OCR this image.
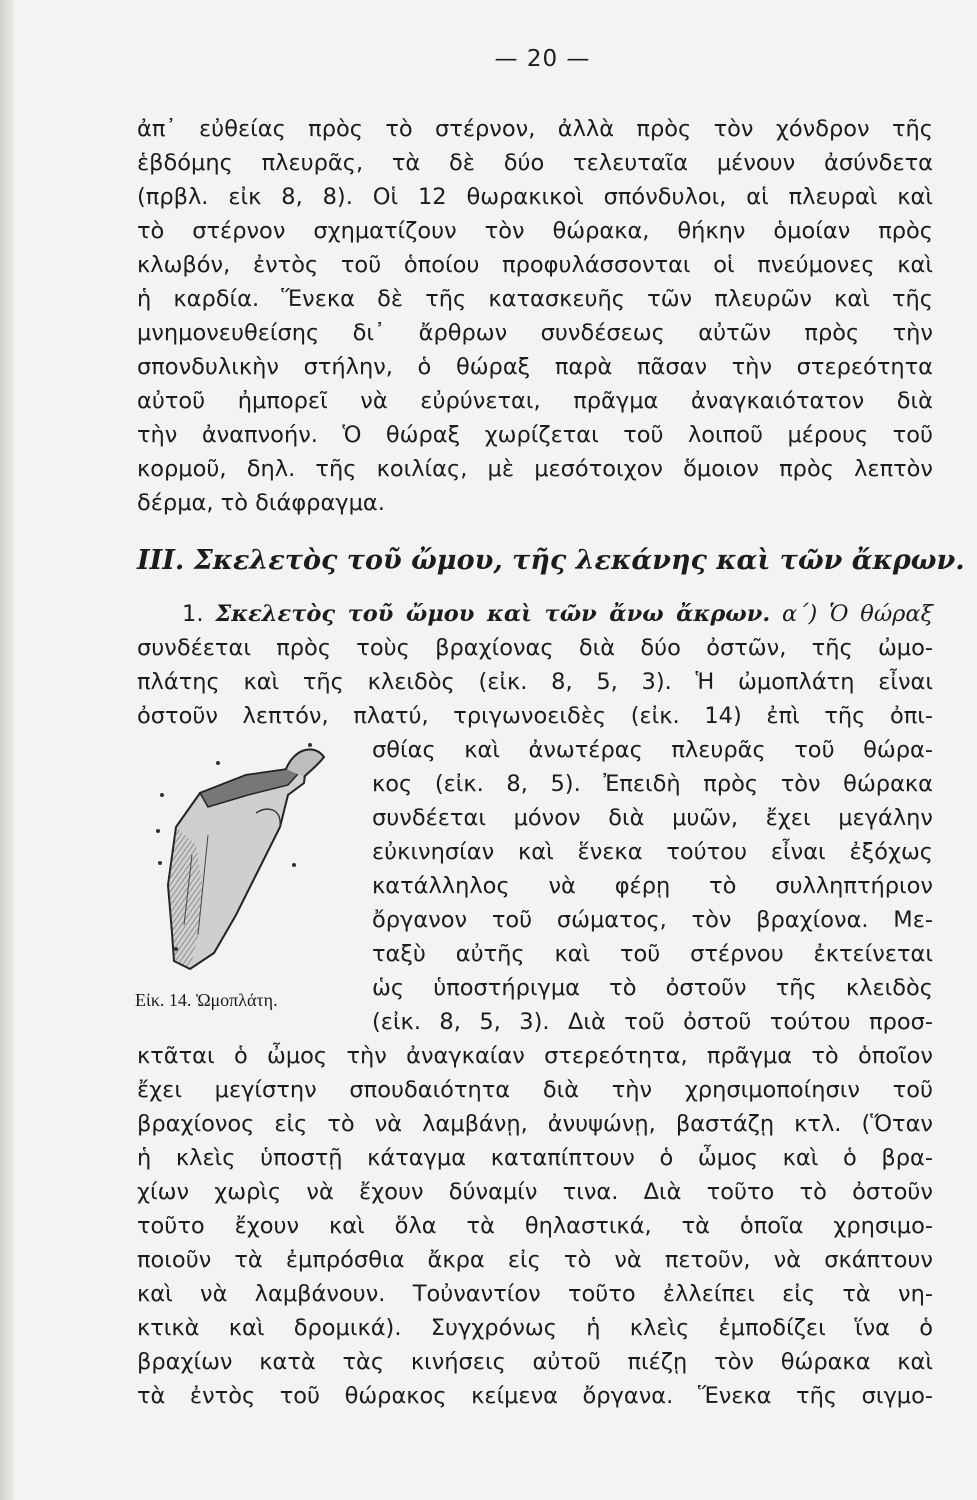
— 20 —
ἀπ᾿ εὐθείας πρὸς τὸ στέρνον, ἀλλὰ πρὸς τὸν χόνδρον τῆς
ἑβδόμης πλευρᾶς, τὰ δὲ δύο τελευταῖα μένουν ἀσύνδετα
(πρβλ. εἰκ 8, 8). Οἱ 12 θωρακικοὶ σπόνδυλοι, αἱ πλευραὶ καὶ
τὸ στέρνον σχηματίζουν τὸν θώρακα, θήκην ὁμοίαν πρὸς
κλωβόν, ἐντὸς τοῦ ὁποίου προφυλάσσονται οἱ πνεύμονες καὶ
ἡ καρδία. Ἕνεκα δὲ τῆς κατασκευῆς τῶν πλευρῶν καὶ τῆς
μνημονευθείσης δι᾿ ἄρθρων συνδέσεως αὐτῶν πρὸς τὴν
σπονδυλικὴν στήλην, ὁ θώραξ παρὰ πᾶσαν τὴν στερεότητα
αὐτοῦ ἠμπορεῖ νὰ εὐρύνεται, πρᾶγμα ἀναγκαιότατον διὰ
τὴν ἀναπνοήν. Ὁ θώραξ χωρίζεται τοῦ λοιποῦ μέρους τοῦ
κορμοῦ, δηλ. τῆς κοιλίας, μὲ μεσότοιχον ὅμοιον πρὸς λεπτὸν
δέρμα, τὸ διάφραγμα.
III. Σκελετὸς τοῦ ὤμου, τῆς λεκάνης καὶ τῶν ἄκρων.
1. Σκελετὸς τοῦ ὤμου καὶ τῶν ἄνω ἄκρων. α΄) Ὁ θώραξ
συνδέεται πρὸς τοὺς βραχίονας διὰ δύο ὀστῶν, τῆς ὠμο-
πλάτης καὶ τῆς κλειδὸς (εἰκ. 8, 5, 3). Ἡ ὠμοπλάτη εἶναι
ὀστοῦν λεπτόν, πλατύ, τριγωνοειδὲς (εἰκ. 14) ἐπὶ τῆς ὀπι-
σθίας καὶ ἀνωτέρας πλευρᾶς τοῦ θώρα-
κος (εἰκ. 8, 5). Ἐπειδὴ πρὸς τὸν θώρακα
συνδέεται μόνον διὰ μυῶν, ἔχει μεγάλην
εὐκινησίαν καὶ ἕνεκα τούτου εἶναι ἐξόχως
κατάλληλος νὰ φέρῃ τὸ συλληπτήριον
ὄργανον τοῦ σώματος, τὸν βραχίονα. Με-
ταξὺ αὐτῆς καὶ τοῦ στέρνου ἐκτείνεται
ὡς ὑποστήριγμα τὸ ὀστοῦν τῆς κλειδὸς
(εἰκ. 8, 5, 3). Διὰ τοῦ ὀστοῦ τούτου προσ-
Εἰκ. 14. Ὠμοπλάτη.
κτᾶται ὁ ὦμος τὴν ἀναγκαίαν στερεότητα, πρᾶγμα τὸ ὁποῖον
ἔχει μεγίστην σπουδαιότητα διὰ τὴν χρησιμοποίησιν τοῦ
βραχίονος εἰς τὸ νὰ λαμβάνῃ, ἀνυψώνῃ, βαστάζῃ κτλ. (Ὅταν
ἡ κλεὶς ὑποστῇ κάταγμα καταπίπτουν ὁ ὦμος καὶ ὁ βρα-
χίων χωρὶς νὰ ἔχουν δύναμίν τινα. Διὰ τοῦτο τὸ ὀστοῦν
τοῦτο ἔχουν καὶ ὅλα τὰ θηλαστικά, τὰ ὁποῖα χρησιμο-
ποιοῦν τὰ ἐμπρόσθια ἄκρα εἰς τὸ νὰ πετοῦν, νὰ σκάπτουν
καὶ νὰ λαμβάνουν. Τοὐναντίον τοῦτο ἐλλείπει εἰς τὰ νη-
κτικὰ καὶ δρομικά). Συγχρόνως ἡ κλεὶς ἐμποδίζει ἵνα ὁ
βραχίων κατὰ τὰς κινήσεις αὐτοῦ πιέζῃ τὸν θώρακα καὶ
τὰ ἐντὸς τοῦ θώρακος κείμενα ὄργανα. Ἕνεκα τῆς σιγμο-
